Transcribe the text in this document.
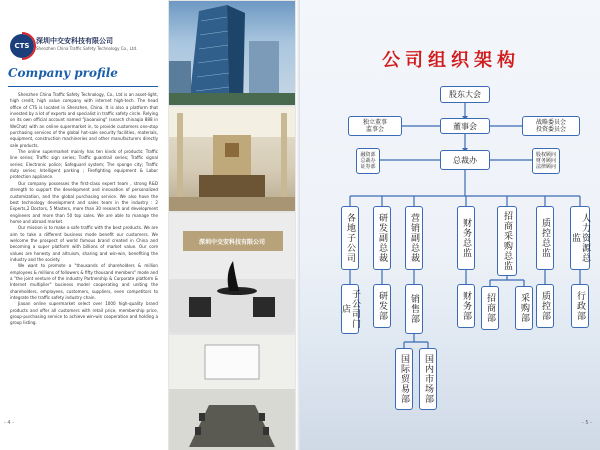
CTS
深圳中交安科技有限公司
Shenzhen China Traffic Safety Technology Co., Ltd.
Company profile

Shenzhen China Traffic Safety Technology, Co., Ltd is an asset-light, high credit, high value company with internet high-tech. The head office of CTS is located in Shenzhen, China. It is also a platform that invested by a lot of experts and specialist in traffic safety circle. Relying on its own official account named "Jiaoanxing" (search chinaqia 888 in WeChat) with an online supermarket in, to provide customers one-stop purchasing services of the global hot-sale security facilities, materials, equipment, construction machineries and other manufacturers directly sale products.

The online supermarket mainly has ten kinds of products: Traffic line series; Traffic sign series; Traffic guardrail series; Traffic signal series; Electronic police; Safeguard system; The sponge city; Traffic duty series; Intelligent parking ; Firefighting equipment & Labor protection appliance.

Our company possesses the first-class expert team , strong R&D strength to support the development and innovation of personalized customization, and the global purchasing service. We also have the best technology development and sales team in the industry : 2 Experts,2 Doctors, 5 Masters, more than 30 research and development engineers and more than 50 top sales. We are able to manage the home and abroad market.

Our mission is to make a safe traffic with the best products. We are aim to take a different business mode benefit our customers. We welcome the prospect of world famous brand created in China and becoming a super platform with billions of market value. Our core values are honesty and altruism, sharing and win-win, benefiting the industry and the society.

We want to promote a "thousands of shareholders & million employees & millions of followers & fifty thousand members" mode and a "the joint venture of the industry Partnership & Corporate platform & Internet multiplier" business model cooperating and uniting the shareholders, employees, customers, suppliers, even competitors to integrate the traffic safety industry chain.

Jiaoan online supermarket select over 1000 high-quality brand products and offer all customers with retail price, membership price, group-purchasing service to achieve win-win cooperation and holding a group listing.

- 4 -
深圳中交安科技有限公司
公司组织架构
股东大会
董事会
独立董事
监事会
战略委员会
投资委员会
融资部
总裁办
证券部
总裁办
股权顾问
财务顾问
法律顾问
各地子公司	研发副总裁	营销副总裁	财务总监	招商采购总监	质控总监	人力资源总监
子公司门店	研发部	销售部	财务部	招商部	采购部	质控部	行政部
国际贸易部	国内市场部
- 5 -
